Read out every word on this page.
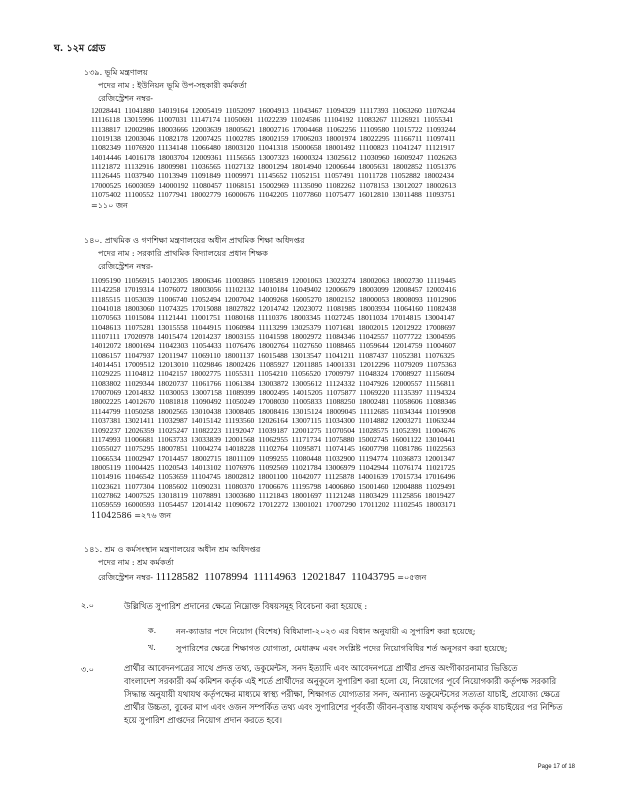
ঘ. ১২ম গ্রেড
১৩৯. ভূমি মন্ত্রণালয়
পদের নাম : ইউনিয়ন ভূমি উপ-সহকারী কর্মকর্তা
রেজিস্ট্রেশন নম্বর-
12028441  11041880  14019164  12005419  11052097  16004913  11043467  11094329  11117393  11063260  11076244
11116118  13015996  11007031  11147174  11050691  11022239  11024586  11104192  11083267  11126921  11055341
11138817  12002986  18003666  12003639  18005621  18002716  17004468  11062256  11109580  11015722  11093244
11019138  12003046  11082178  12007425  11002785  18002159  17006203  18001974  18022295  11166711  11097411
11082349  11076920  11134148  11066480  18003120  11041318  15000658  18001492  11100823  11041247  11121917
14014446  14016178  18003704  12009361  11156565  13007323  16000324  13025612  11030960  16009247  11026263
11121872  11132916  18009981  11036565  11027132  18001294  18014940  12006644  18005631  18002852  11051376
11126445  11037940  11013949  11091849  11009971  11145652  11052151  11057491  11011728  11052882  18002434
17000525  16003059  14000192  11080457  11068151  15002969  11135090  11082262  11078153  13012027  18002613
11075402  11100552  11077941  18002779  16000676  11042205  11077860  11075477  16012810  13011488  11093751
=১১০ জন
১৪০. প্রাথমিক ও গণশিক্ষা মন্ত্রণালয়ের অধীন প্রাথমিক শিক্ষা অধিদপ্তর
পদের নাম : সরকারি প্রাথমিক বিদ্যালয়ের প্রধান শিক্ষক
রেজিস্ট্রেশন নম্বর-
11095190  11056915  14012305  18006346  11003865  11085819  12001063  13023274  18002063  18002730  11119445
11142258  17019314  11076072  18003056  11102132  14010184  11049402  12006679  18003099  12008457  12002416
11185515  11053039  11006740  11052494  12007042  14009268  16005270  18002152  18000053  18008093  11012906
11041018  18003060  11074325  17015088  18027822  12014742  12023072  11081985  18003934  11064160  11082438
11070563  11015084  11121441  11001751  11080168  11110376  18003345  11027245  18011034  17014815  13004147
11048613  11075281  13015558  11044915  11060984  11113299  13025379  11071681  18002015  12012922  17008697
11107111  17020978  14015474  12014237  18003155  11041598  18002972  11084346  11042557  11077722  13004595
14012072  18001694  11042303  11054433  11076476  18002764  11027650  11088465  11059644  12014759  11004607
11086157  11047937  12011947  11069110  18001137  16015488  13013547  11041211  11087437  11052381  11076325
14014451  17009512  12013010  11029846  18002426  11085927  12011885  14001331  12012296  11079209  11075363
11029225  11104812  11042157  18002775  11055311  11054210  11056520  17009797  11048324  17008927  11156094
11083802  11029344  18020737  11061766  11061384  13003872  13005612  11124332  11047926  12000557  11156811
17007069  12014832  11030053  13007158  11089399  18002495  14015205  11075877  11069220  11135397  11194324
18002225  14012670  11081818  11090492  11050249  17008030  11005833  11088250  18002481  11058606  11088346
11144799  11050258  18002565  13010438  13008405  18008416  13015124  18009045  11112685  11034344  11019908
11037381  13021411  11032987  14015142  11193560  12026164  13007115  11034300  11014882  12003271  11063244
11092237  12026359  11025247  11082223  11192047  11039187  12001275  11070504  11028575  11052391  11004676
11174993  11006681  11063733  13033839  12001568  11062955  11171734  11075880  15002745  16001122  13010441
11055027  11075295  18007851  11004274  14018228  11102764  11095871  11074145  16007798  11081786  11022563
11066534  11002947  17014457  18002715  18011109  11099255  11080448  11032900  11194774  11036873  12001347
18005119  11004425  11020543  14013102  11076976  11092569  11021784  13006979  11042944  11076174  11021725
11014916  11046542  11053659  11104745  18002812  18001100  11042077  11125878  14001639  17015734  17016496
11023621  11077304  11085602  11090231  11080370  17006676  11195798  14006860  15001460  12004888  11029491
11027862  14007525  13018119  11078891  13003680  11121843  18001697  11121248  11803429  11125856  18019427
11059559  16000593  11054457  12014142  11090672  17012272  13001021  17007290  17011202  11102545  18003171
11042586 =২৭৬ জন
১৪১. শ্রম ও কর্মসংস্থান মন্ত্রণালয়ের অধীন শ্রম অধিদপ্তর
পদের নাম : শ্রম কর্মকর্তা
রেজিস্ট্রেশন নম্বর- 11128582  11078994  11114963  12021847  11043795 =০৫জন
২.০	উল্লিখিত সুপারিশ প্রদানের ক্ষেত্রে নিম্নোক্ত বিষয়সমূহ বিবেচনা করা হয়েছে :
ক. নন-ক্যাডার পদে নিয়োগ (বিশেষ) বিধিমালা-২০২৩ এর বিধান অনুযায়ী এ সুপারিশ করা হয়েছে;
খ. সুপারিশের ক্ষেত্রে শিক্ষাগত যোগ্যতা, মেধাক্রম এবং সংশ্লিষ্ট পদের নিয়োগবিধির শর্ত অনুসরণ করা হয়েছে;
৩.০	প্রার্থীর আবেদনপত্রের সাথে প্রদত্ত তথ্য, ডকুমেন্টস, সনদ ইত্যাদি এবং আবেদনপত্রে প্রার্থীর প্রদত্ত অংগীকারনামার ভিত্তিতে
বাংলাদেশ সরকারী কর্ম কমিশন কর্তৃক এই শর্তে প্রার্থীদের অনুকূলে সুপারিশ করা হলো যে, নিয়োগের পূর্বে নিয়োগকারী কর্তৃপক্ষ সরকারি
সিদ্ধান্ত অনুযায়ী যথাযথ কর্তৃপক্ষের মাধ্যমে স্বাস্থ্য পরীক্ষা, শিক্ষাগত যোগ্যতার সনদ, অন্যান্য ডকুমেন্টসের সত্যতা যাচাই, প্রযোজ্য ক্ষেত্রে
প্রার্থীর উচ্চতা, বুকের মাপ এবং ওজন সম্পর্কিত তথ্য এবং সুপারিশের পূর্ববর্তী জীবন-বৃত্তান্ত যথাযথ কর্তৃপক্ষ কর্তৃক যাচাইয়ের পর নিশ্চিত
হয়ে সুপারিশ প্রাপ্তদের নিয়োগ প্রদান করতে হবে।
Page 17 of 18
